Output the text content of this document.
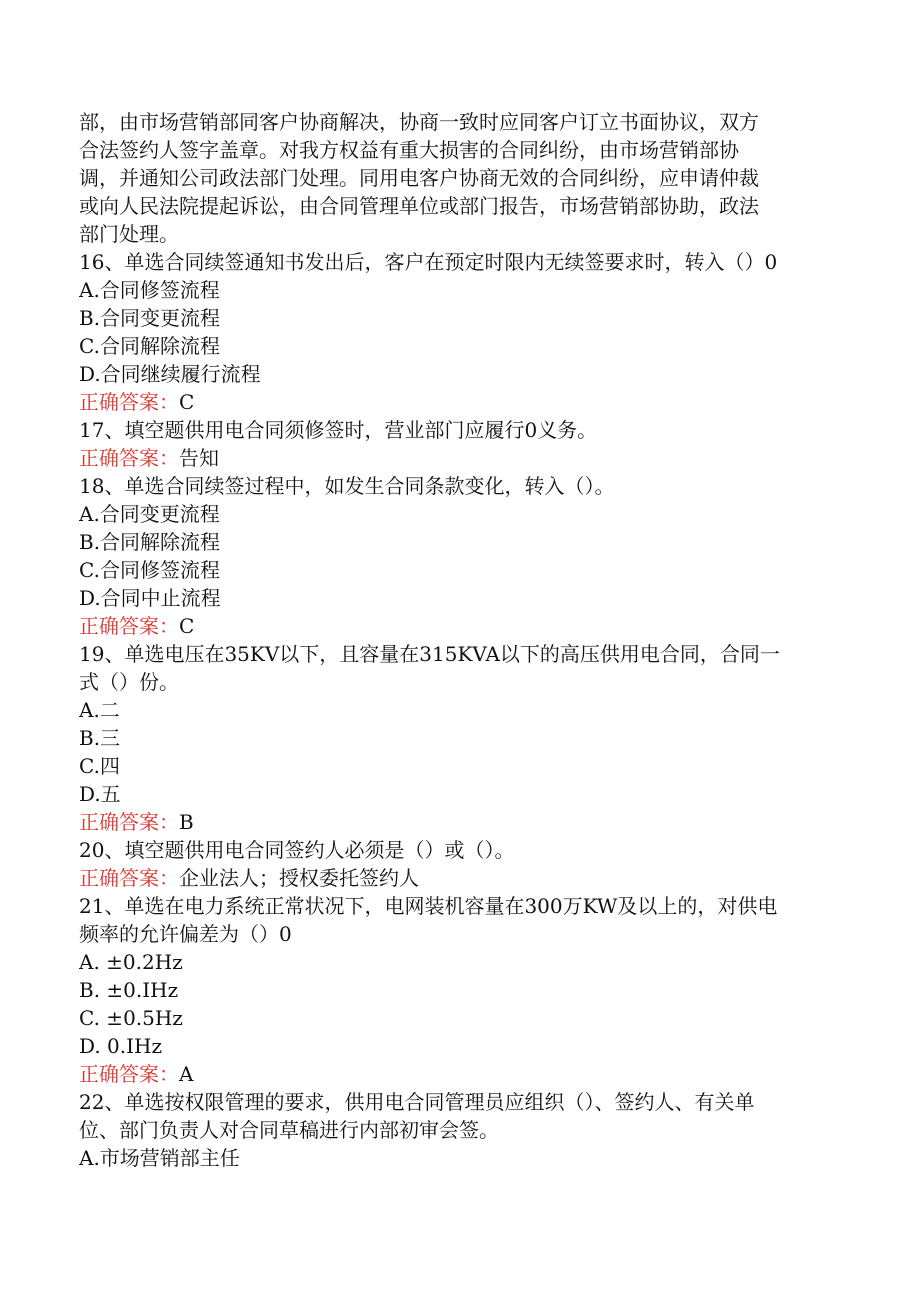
部，由市场营销部同客户协商解决，协商一致时应同客户订立书面协议，双方
合法签约人签字盖章。对我方权益有重大损害的合同纠纷，由市场营销部协
调，并通知公司政法部门处理。同用电客户协商无效的合同纠纷，应申请仲裁
或向人民法院提起诉讼，由合同管理单位或部门报告，市场营销部协助，政法
部门处理。
16、单选合同续签通知书发出后，客户在预定时限内无续签要求时，转入（）0
A.合同修签流程
B.合同变更流程
C.合同解除流程
D.合同继续履行流程
正确答案：C
17、填空题供用电合同须修签时，营业部门应履行0义务。
正确答案：告知
18、单选合同续签过程中，如发生合同条款变化，转入（）。
A.合同变更流程
B.合同解除流程
C.合同修签流程
D.合同中止流程
正确答案：C
19、单选电压在35KV以下，且容量在315KVA以下的高压供用电合同，合同一
式（）份。
A.二
B.三
C.四
D.五
正确答案：B
20、填空题供用电合同签约人必须是（）或（）。
正确答案：企业法人；授权委托签约人
21、单选在电力系统正常状况下，电网装机容量在300万KW及以上的，对供电
频率的允许偏差为（）0
A. ±0.2Hz
B. ±0.IHz
C. ±0.5Hz
D. 0.IHz
正确答案：A
22、单选按权限管理的要求，供用电合同管理员应组织（）、签约人、有关单
位、部门负责人对合同草稿进行内部初审会签。
A.市场营销部主任
